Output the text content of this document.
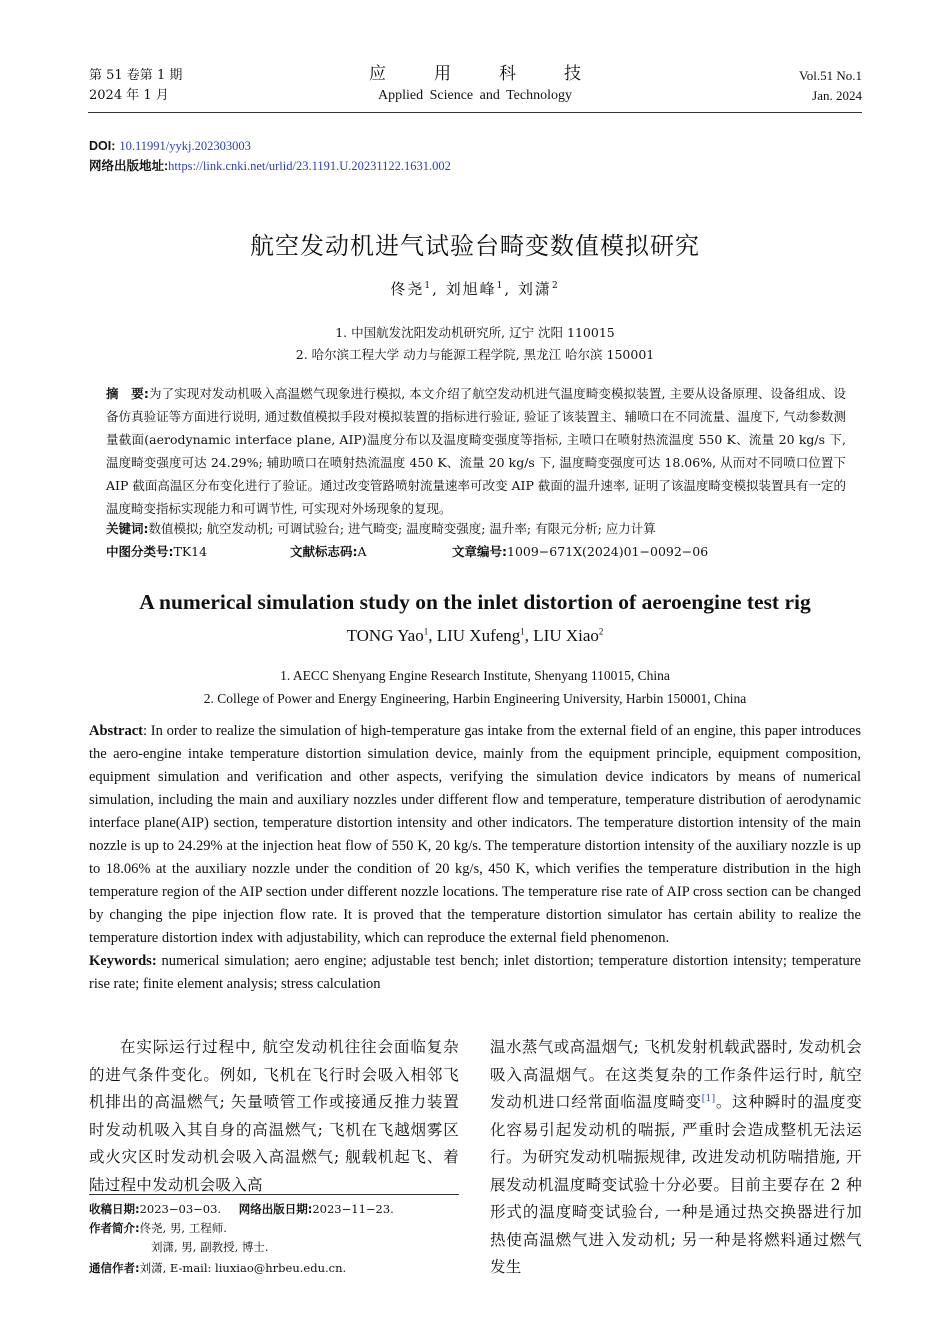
第 51 卷第 1 期
2024 年 1 月
应用科技
Applied Science and Technology
Vol.51 No.1
Jan. 2024
DOI: 10.11991/yykj.202303003
网络出版地址:https://link.cnki.net/urlid/23.1191.U.20231122.1631.002
航空发动机进气试验台畸变数值模拟研究
佟尧$^1$, 刘旭峰$^1$, 刘潇$^2$
1. 中国航发沈阳发动机研究所, 辽宁 沈阳 110015
2. 哈尔滨工程大学 动力与能源工程学院, 黑龙江 哈尔滨 150001
摘　要:为了实现对发动机吸入高温燃气现象进行模拟, 本文介绍了航空发动机进气温度畸变模拟装置, 主要从设备原理、设备组成、设备仿真验证等方面进行说明, 通过数值模拟手段对模拟装置的指标进行验证, 验证了该装置主、辅喷口在不同流量、温度下, 气动参数测量截面(aerodynamic interface plane, AIP)温度分布以及温度畸变强度等指标, 主喷口在喷射热流温度 550 K、流量 20 kg/s 下, 温度畸变强度可达 24.29%; 辅助喷口在喷射热流温度 450 K、流量 20 kg/s 下, 温度畸变强度可达 18.06%, 从而对不同喷口位置下 AIP 截面高温区分布变化进行了验证。通过改变管路喷射流量速率可改变 AIP 截面的温升速率, 证明了该温度畸变模拟装置具有一定的温度畸变指标实现能力和可调节性, 可实现对外场现象的复现。
关键词:数值模拟; 航空发动机; 可调试验台; 进气畸变; 温度畸变强度; 温升率; 有限元分析; 应力计算
中图分类号:TK14	文献标志码:A	文章编号:1009−671X(2024)01−0092−06
A numerical simulation study on the inlet distortion of aeroengine test rig
TONG Yao$^1$, LIU Xufeng$^1$, LIU Xiao$^2$
1. AECC Shenyang Engine Research Institute, Shenyang 110015, China
2. College of Power and Energy Engineering, Harbin Engineering University, Harbin 150001, China
Abstract: In order to realize the simulation of high-temperature gas intake from the external field of an engine, this paper introduces the aero-engine intake temperature distortion simulation device, mainly from the equipment principle, equipment composition, equipment simulation and verification and other aspects, verifying the simulation device indicators by means of numerical simulation, including the main and auxiliary nozzles under different flow and temperature, temperature distribution of aerodynamic interface plane(AIP) section, temperature distortion intensity and other indicators. The temperature distortion intensity of the main nozzle is up to 24.29% at the injection heat flow of 550 K, 20 kg/s. The temperature distortion intensity of the auxiliary nozzle is up to 18.06% at the auxiliary nozzle under the condition of 20 kg/s, 450 K, which verifies the temperature distribution in the high temperature region of the AIP section under different nozzle locations. The temperature rise rate of AIP cross section can be changed by changing the pipe injection flow rate. It is proved that the temperature distortion simulator has certain ability to realize the temperature distortion index with adjustability, which can reproduce the external field phenomenon.
Keywords: numerical simulation; aero engine; adjustable test bench; inlet distortion; temperature distortion intensity; temperature rise rate; finite element analysis; stress calculation
在实际运行过程中, 航空发动机往往会面临复杂的进气条件变化。例如, 飞机在飞行时会吸入相邻飞机排出的高温燃气; 矢量喷管工作或接通反推力装置时发动机吸入其自身的高温燃气; 飞机在飞越烟雾区或火灾区时发动机会吸入高温燃气; 舰载机起飞、着陆过程中发动机会吸入高
温水蒸气或高温烟气; 飞机发射机载武器时, 发动机会吸入高温烟气。在这类复杂的工作条件运行时, 航空发动机进口经常面临温度畸变[1]。这种瞬时的温度变化容易引起发动机的喘振, 严重时会造成整机无法运行。为研究发动机喘振规律, 改进发动机防喘措施, 开展发动机温度畸变试验十分必要。目前主要存在 2 种形式的温度畸变试验台, 一种是通过热交换器进行加热使高温燃气进入发动机; 另一种是将燃料通过燃气发生
收稿日期:2023−03−03. 网络出版日期:2023−11−23.
作者简介:佟尧, 男, 工程师.
刘潇, 男, 副教授, 博士.
通信作者:刘潇, E-mail: liuxiao@hrbeu.edu.cn.
